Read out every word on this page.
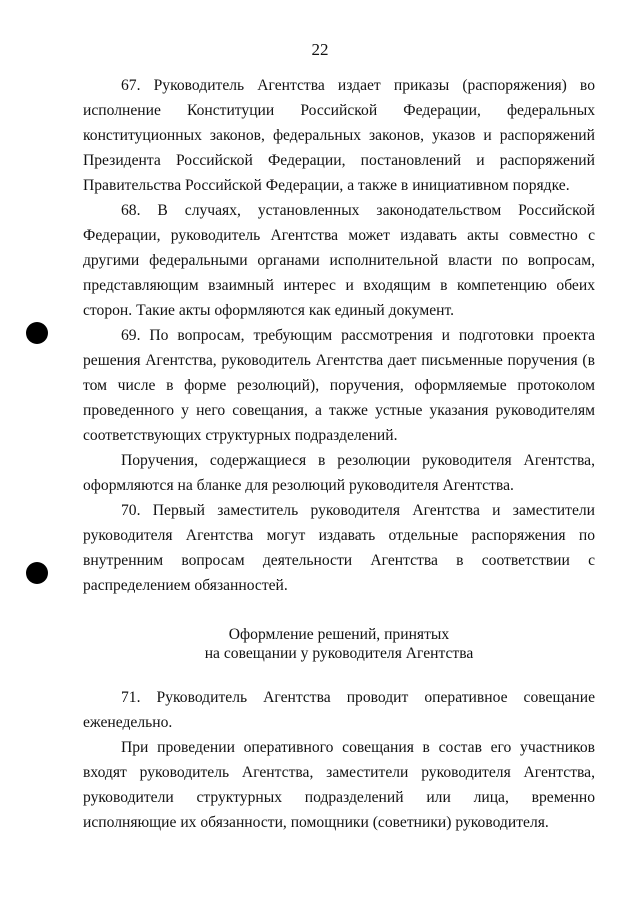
22

67. Руководитель Агентства издает приказы (распоряжения) во исполнение Конституции Российской Федерации, федеральных конституционных законов, федеральных законов, указов и распоряжений Президента Российской Федерации, постановлений и распоряжений Правительства Российской Федерации, а также в инициативном порядке.

68. В случаях, установленных законодательством Российской Федерации, руководитель Агентства может издавать акты совместно с другими федеральными органами исполнительной власти по вопросам, представляющим взаимный интерес и входящим в компетенцию обеих сторон. Такие акты оформляются как единый документ.

69. По вопросам, требующим рассмотрения и подготовки проекта решения Агентства, руководитель Агентства дает письменные поручения (в том числе в форме резолюций), поручения, оформляемые протоколом проведенного у него совещания, а также устные указания руководителям соответствующих структурных подразделений.

Поручения, содержащиеся в резолюции руководителя Агентства, оформляются на бланке для резолюций руководителя Агентства.

70. Первый заместитель руководителя Агентства и заместители руководителя Агентства могут издавать отдельные распоряжения по внутренним вопросам деятельности Агентства в соответствии с распределением обязанностей.

Оформление решений, принятых
на совещании у руководителя Агентства

71. Руководитель Агентства проводит оперативное совещание еженедельно.

При проведении оперативного совещания в состав его участников входят руководитель Агентства, заместители руководителя Агентства, руководители структурных подразделений или лица, временно исполняющие их обязанности, помощники (советники) руководителя.
